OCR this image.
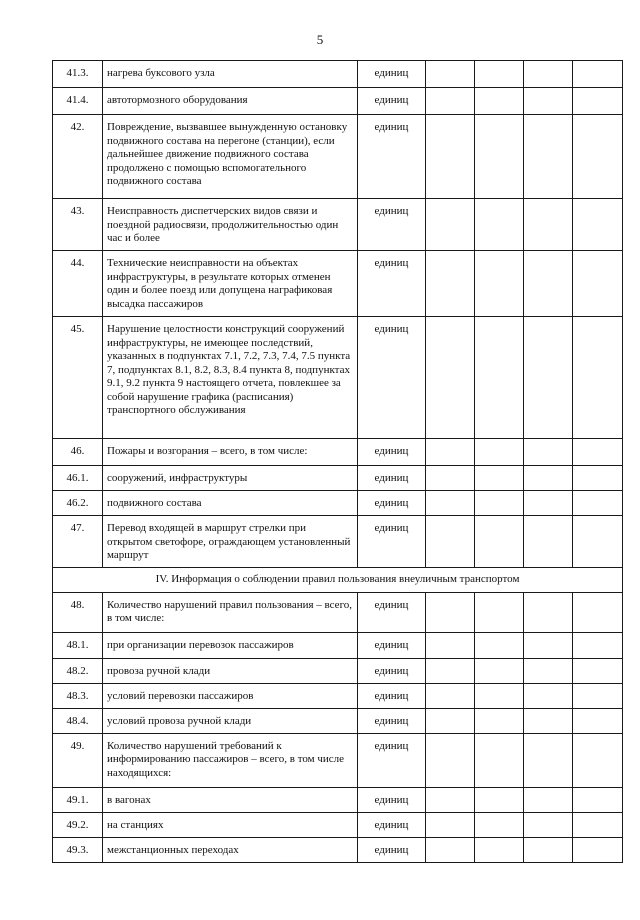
5
41.3.	нагрева буксового узла	единиц				
41.4.	автотормозного оборудования	единиц				
42.	Повреждение, вызвавшее вынужденную остановку подвижного состава на перегоне (станции), если дальнейшее движение подвижного состава продолжено с помощью вспомогательного подвижного состава	единиц				
43.	Неисправность диспетчерских видов связи и поездной радиосвязи, продолжительностью один час и более	единиц				
44.	Технические неисправности на объектах инфраструктуры, в результате которых отменен один и более поезд или допущена награфиковая высадка пассажиров	единиц				
45.	Нарушение целостности конструкций сооружений инфраструктуры, не имеющее последствий, указанных в подпунктах 7.1, 7.2, 7.3, 7.4, 7.5 пункта 7, подпунктах 8.1, 8.2, 8.3, 8.4 пункта 8, подпунктах 9.1, 9.2 пункта 9 настоящего отчета, повлекшее за собой нарушение графика (расписания) транспортного обслуживания	единиц				
46.	Пожары и возгорания – всего, в том числе:	единиц				
46.1.	сооружений, инфраструктуры	единиц				
46.2.	подвижного состава	единиц				
47.	Перевод входящей в маршрут стрелки при открытом светофоре, ограждающем установленный маршрут	единиц				
IV. Информация о соблюдении правил пользования внеуличным транспортом						
48.	Количество нарушений правил пользования – всего, в том числе:	единиц				
48.1.	при организации перевозок пассажиров	единиц				
48.2.	провоза ручной клади	единиц				
48.3.	условий перевозки пассажиров	единиц				
48.4.	условий провоза ручной клади	единиц				
49.	Количество нарушений требований к информированию пассажиров – всего, в том числе находящихся:	единиц				
49.1.	в вагонах	единиц				
49.2.	на станциях	единиц				
49.3.	межстанционных переходах	единиц				
